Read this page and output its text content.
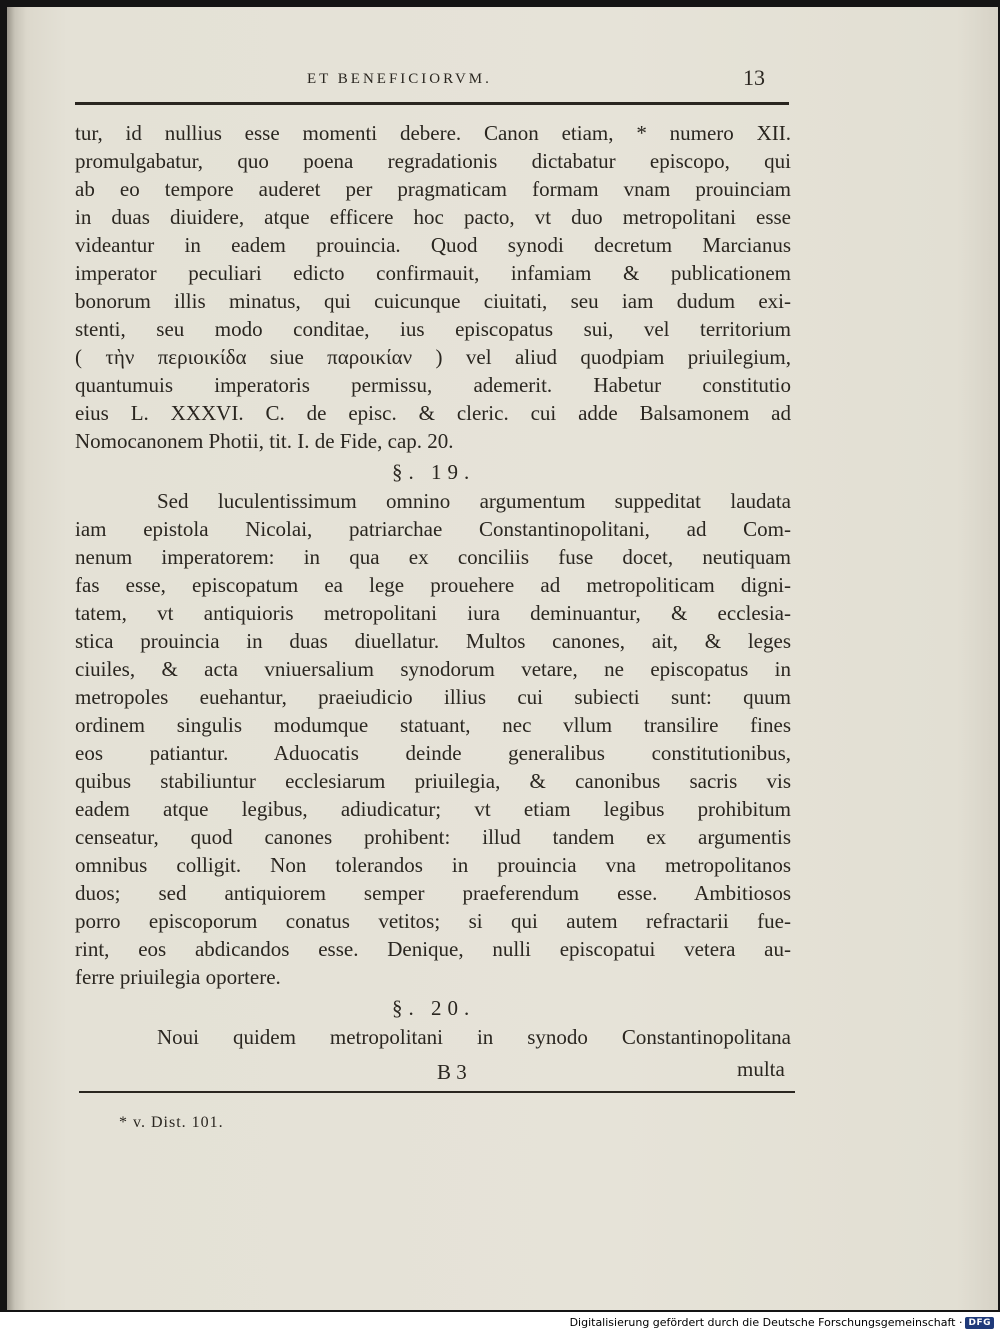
ET BENEFICIORVM.	13
tur, id nullius esse momenti debere. Canon etiam, * numero XII.
promulgabatur, quo poena regradationis dictabatur episcopo, qui
ab eo tempore auderet per pragmaticam formam vnam prouinciam
in duas diuidere, atque efficere hoc pacto, vt duo metropolitani esse
videantur in eadem prouincia. Quod synodi decretum Marcianus
imperator peculiari edicto confirmauit, infamiam & publicationem
bonorum illis minatus, qui cuicunque ciuitati, seu iam dudum exi-
stenti, seu modo conditae, ius episcopatus sui, vel territorium
( τὴν περιοικίδα siue παροικίαν ) vel aliud quodpiam priuilegium,
quantumuis imperatoris permissu, ademerit. Habetur constitutio
eius L. XXXVI. C. de episc. & cleric. cui adde Balsamonem ad
Nomocanonem Photii, tit. I. de Fide, cap. 20.
§. 19.
Sed luculentissimum omnino argumentum suppeditat laudata
iam epistola Nicolai, patriarchae Constantinopolitani, ad Com-
nenum imperatorem: in qua ex conciliis fuse docet, neutiquam
fas esse, episcopatum ea lege prouehere ad metropoliticam digni-
tatem, vt antiquioris metropolitani iura deminuantur, & ecclesia-
stica prouincia in duas diuellatur. Multos canones, ait, & leges
ciuiles, & acta vniuersalium synodorum vetare, ne episcopatus in
metropoles euehantur, praeiudicio illius cui subiecti sunt: quum
ordinem singulis modumque statuant, nec vllum transilire fines
eos patiantur. Aduocatis deinde generalibus constitutionibus,
quibus stabiliuntur ecclesiarum priuilegia, & canonibus sacris vis
eadem atque legibus, adiudicatur; vt etiam legibus prohibitum
censeatur, quod canones prohibent: illud tandem ex argumentis
omnibus colligit. Non tolerandos in prouincia vna metropolitanos
duos; sed antiquiorem semper praeferendum esse. Ambitiosos
porro episcoporum conatus vetitos; si qui autem refractarii fue-
rint, eos abdicandos esse. Denique, nulli episcopatui vetera au-
ferre priuilegia oportere.
§. 20.
Noui quidem metropolitani in synodo Constantinopolitana
B 3	multa
* v. Dist. 101.
Digitalisierung gefördert durch die Deutsche Forschungsgemeinschaft · DFG
